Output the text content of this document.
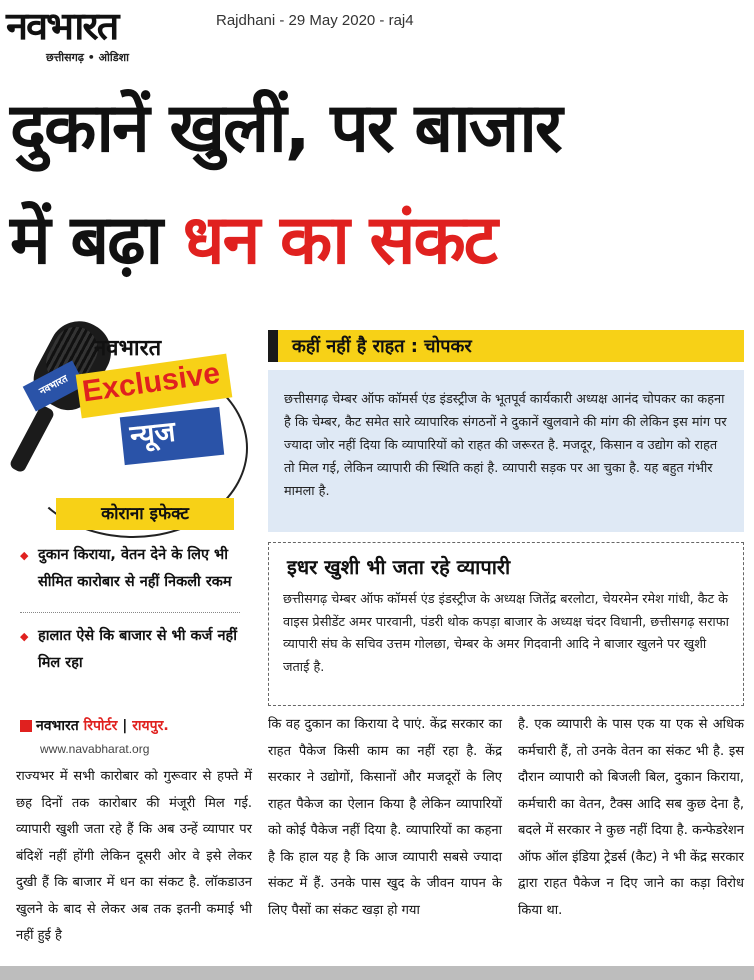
नवभारत
छत्तीसगढ़ • ओडिशा
Rajdhani - 29 May 2020 - raj4
दुकानें खुलीं, पर बाजार
में बढ़ा धन का संकट
नवभारत
नवभारत
Exclusive
न्यूज
कोराना इफेक्ट
◆ दुकान किराया, वेतन देने के लिए भी सीमित कारोबार से नहीं निकली रकम
◆ हालात ऐसे कि बाजार से भी कर्ज नहीं मिल रहा
कहीं नहीं है राहत : चोपकर
छत्तीसगढ़ चेम्बर ऑफ कॉमर्स एंड इंडस्ट्रीज के भूतपूर्व कार्यकारी अध्यक्ष आनंद चोपकर का कहना है कि चेम्बर, कैट समेत सारे व्यापारिक संगठनों ने दुकानें खुलवाने की मांग की लेकिन इस मांग पर ज्यादा जोर नहीं दिया कि व्यापारियों को राहत की जरूरत है. मजदूर, किसान व उद्योग को राहत तो मिल गई, लेकिन व्यापारी की स्थिति कहां है. व्यापारी सड़क पर आ चुका है. यह बहुत गंभीर मामला है.
इधर खुशी भी जता रहे व्यापारी
छत्तीसगढ़ चेम्बर ऑफ कॉमर्स एंड इंडस्ट्रीज के अध्यक्ष जितेंद्र बरलोटा, चेयरमेन रमेश गांधी, कैट के वाइस प्रेसीडेंट अमर पारवानी, पंडरी थोक कपड़ा बाजार के अध्यक्ष चंदर विधानी, छत्तीसगढ़ सराफा व्यापारी संघ के सचिव उत्तम गोलछा, चेम्बर के अमर गिदवानी आदि ने बाजार खुलने पर खुशी जताई है.
नवभारत रिपोर्टर | रायपुर.
www.navabharat.org
राज्यभर में सभी कारोबार को गुरूवार से हफ्ते में छह दिनों तक कारोबार की मंजूरी मिल गई. व्यापारी खुशी जता रहे हैं कि अब उन्हें व्यापार पर बंदिशें नहीं होंगी लेकिन दूसरी ओर वे इसे लेकर दुखी हैं कि बाजार में धन का संकट है. लॉकडाउन खुलने के बाद से लेकर अब तक इतनी कमाई भी नहीं हुई है
कि वह दुकान का किराया दे पाएं. केंद्र सरकार का राहत पैकेज किसी काम का नहीं रहा है. केंद्र सरकार ने उद्योगों, किसानों और मजदूरों के लिए राहत पैकेज का ऐलान किया है लेकिन व्यापारियों को कोई पैकेज नहीं दिया है. व्यापारियों का कहना है कि हाल यह है कि आज व्यापारी सबसे ज्यादा संकट में हैं. उनके पास खुद के जीवन यापन के लिए पैसों का संकट खड़ा हो गया
है. एक व्यापारी के पास एक या एक से अधिक कर्मचारी हैं, तो उनके वेतन का संकट भी है. इस दौरान व्यापारी को बिजली बिल, दुकान किराया, कर्मचारी का वेतन, टैक्स आदि सब कुछ देना है, बदले में सरकार ने कुछ नहीं दिया है. कन्फेडरेशन ऑफ ऑल इंडिया ट्रेडर्स (कैट) ने भी केंद्र सरकार द्वारा राहत पैकेज न दिए जाने का कड़ा विरोध किया था.
